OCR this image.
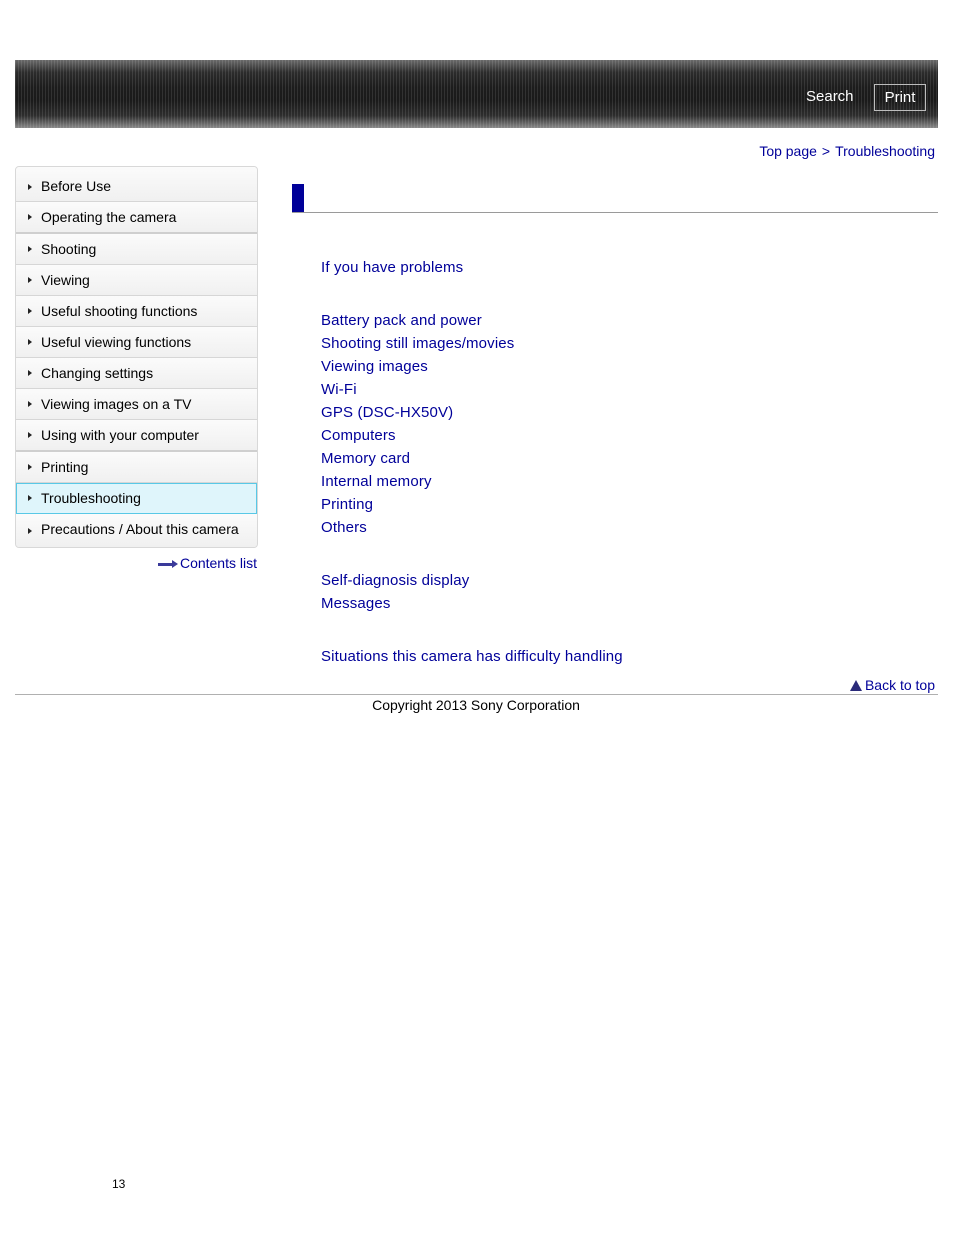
Search	Print
Top page > Troubleshooting
Before Use
Operating the camera
Shooting
Viewing
Useful shooting functions
Useful viewing functions
Changing settings
Viewing images on a TV
Using with your computer
Printing
Troubleshooting
Precautions / About this camera
Contents list
If you have problems
Battery pack and power
Shooting still images/movies
Viewing images
Wi-Fi
GPS (DSC-HX50V)
Computers
Memory card
Internal memory
Printing
Others
Self-diagnosis display
Messages
Situations this camera has difficulty handling
Back to top
Copyright 2013 Sony Corporation
13
